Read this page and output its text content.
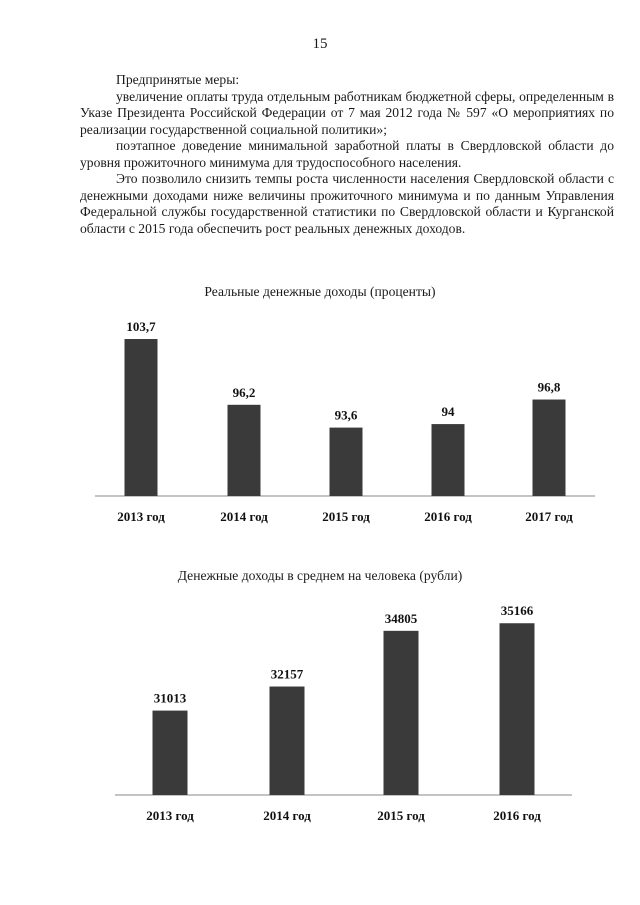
15

Предпринятые меры:

увеличение оплаты труда отдельным работникам бюджетной сферы, определенным в Указе Президента Российской Федерации от 7 мая 2012 года № 597 «О мероприятиях по реализации государственной социальной политики»;

поэтапное доведение минимальной заработной платы в Свердловской области до уровня прожиточного минимума для трудоспособного населения.

Это позволило снизить темпы роста численности населения Свердловской области с денежными доходами ниже величины прожиточного минимума и по данным Управления Федеральной службы государственной статистики по Свердловской области и Курганской области с 2015 года обеспечить рост реальных денежных доходов.

Реальные денежные доходы (проценты)
103,7
2013 год
96,2
2014 год
93,6
2015 год
94
2016 год
96,8
2017 год
Денежные доходы в среднем на человека (рубли)
31013
2013 год
32157
2014 год
34805
2015 год
35166
2016 год
